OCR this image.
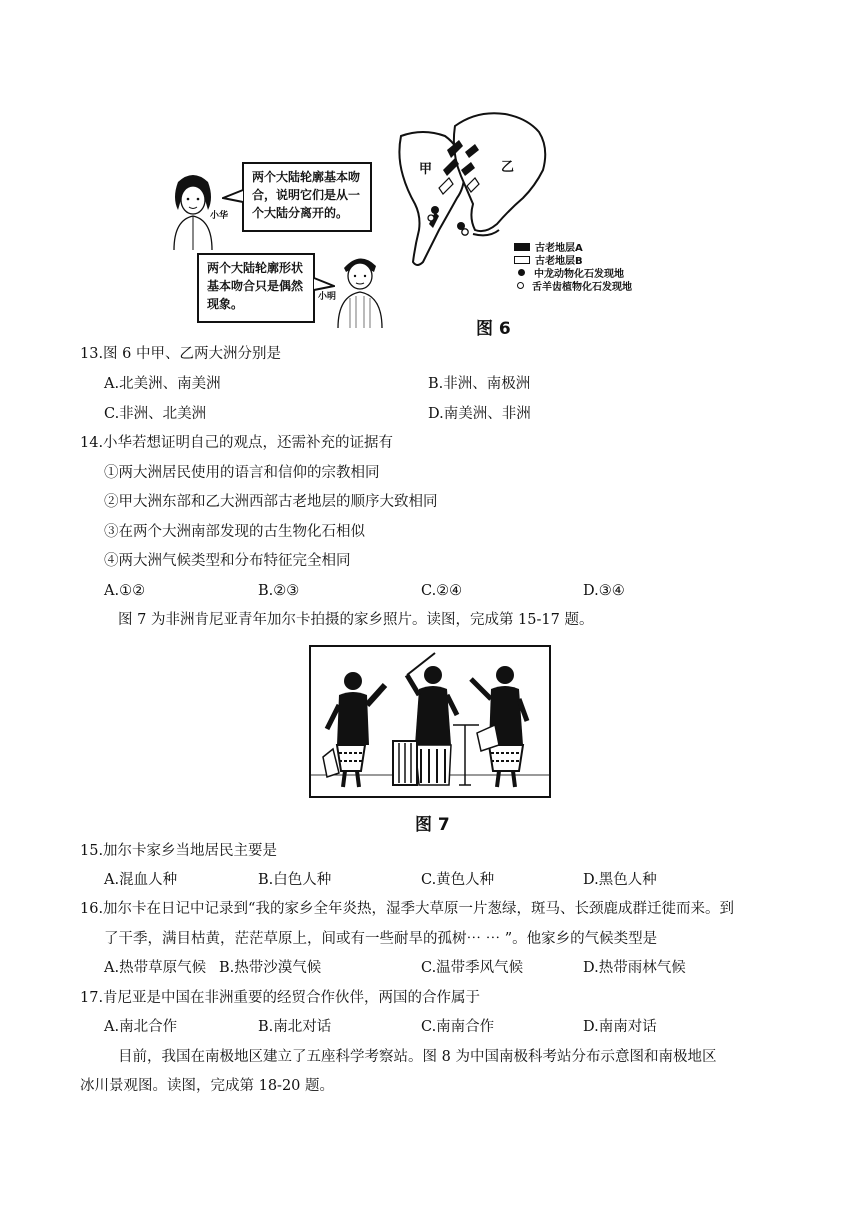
小华
两个大陆轮廓基本吻合，说明它们是从一个大陆分离开的。
两个大陆轮廓形状基本吻合只是偶然现象。	小明
甲	乙
古老地层A
古老地层B
中龙动物化石发现地
舌羊齿植物化石发现地
图 6
13.图 6 中甲、乙两大洲分别是
A.北美洲、南美洲	B.非洲、南极洲
C.非洲、北美洲	D.南美洲、非洲
14.小华若想证明自己的观点，还需补充的证据有
①两大洲居民使用的语言和信仰的宗教相同
②甲大洲东部和乙大洲西部古老地层的顺序大致相同
③在两个大洲南部发现的古生物化石相似
④两大洲气候类型和分布特征完全相同
A.①②	B.②③	C.②④	D.③④
图 7 为非洲肯尼亚青年加尔卡拍摄的家乡照片。读图，完成第 15-17 题。
图 7
15.加尔卡家乡当地居民主要是
A.混血人种	B.白色人种	C.黄色人种	D.黑色人种
16.加尔卡在日记中记录到“我的家乡全年炎热，湿季大草原一片葱绿，斑马、长颈鹿成群迁徙而来。到
了干季，满目枯黄，茫茫草原上，间或有一些耐旱的孤树⋯ ⋯ ”。他家乡的气候类型是
A.热带草原气候 B.热带沙漠气候	C.温带季风气候	D.热带雨林气候
17.肯尼亚是中国在非洲重要的经贸合作伙伴，两国的合作属于
A.南北合作	B.南北对话	C.南南合作	D.南南对话
目前，我国在南极地区建立了五座科学考察站。图 8 为中国南极科考站分布示意图和南极地区
冰川景观图。读图，完成第 18-20 题。
